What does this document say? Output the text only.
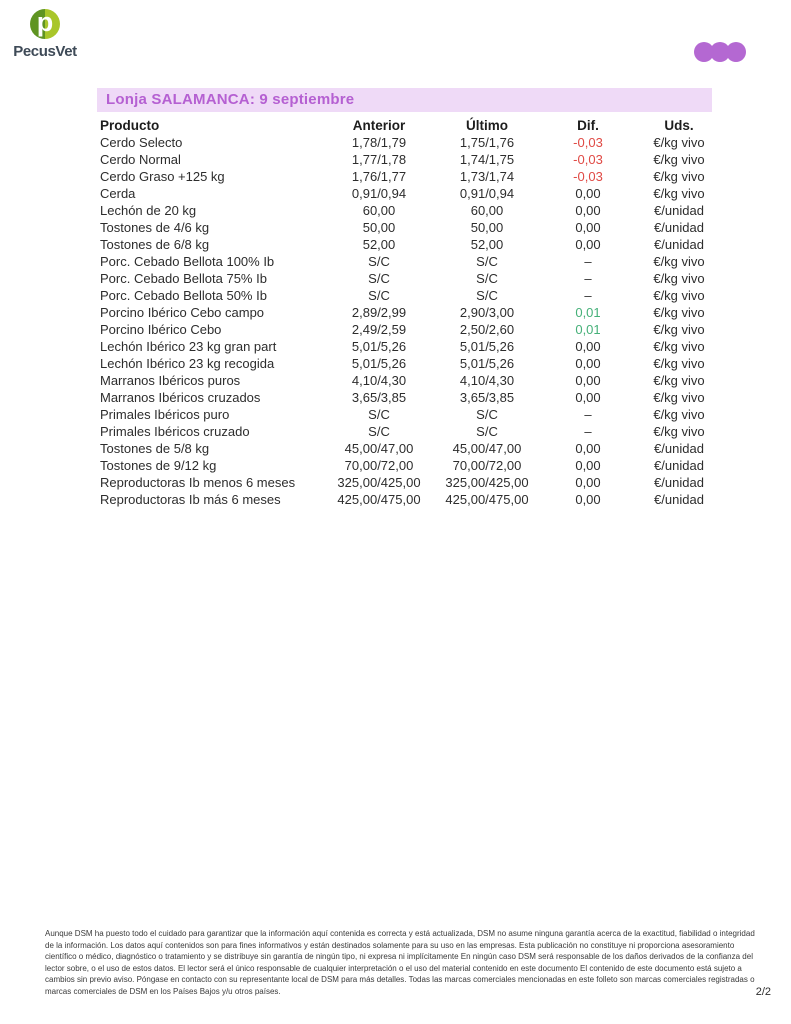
p
PecusVet
Lonja SALAMANCA: 9 septiembre
Producto	Anterior	Último	Dif.	Uds.
Cerdo Selecto	1,78/1,79	1,75/1,76	-0,03	€/kg vivo
Cerdo Normal	1,77/1,78	1,74/1,75	-0,03	€/kg vivo
Cerdo Graso +125 kg	1,76/1,77	1,73/1,74	-0,03	€/kg vivo
Cerda	0,91/0,94	0,91/0,94	0,00	€/kg vivo
Lechón de 20 kg	60,00	60,00	0,00	€/unidad
Tostones de 4/6 kg	50,00	50,00	0,00	€/unidad
Tostones de 6/8 kg	52,00	52,00	0,00	€/unidad
Porc. Cebado Bellota 100% Ib	S/C	S/C	–	€/kg vivo
Porc. Cebado Bellota 75% Ib	S/C	S/C	–	€/kg vivo
Porc. Cebado Bellota 50% Ib	S/C	S/C	–	€/kg vivo
Porcino Ibérico Cebo campo	2,89/2,99	2,90/3,00	0,01	€/kg vivo
Porcino Ibérico Cebo	2,49/2,59	2,50/2,60	0,01	€/kg vivo
Lechón Ibérico 23 kg gran part	5,01/5,26	5,01/5,26	0,00	€/kg vivo
Lechón Ibérico 23 kg recogida	5,01/5,26	5,01/5,26	0,00	€/kg vivo
Marranos Ibéricos puros	4,10/4,30	4,10/4,30	0,00	€/kg vivo
Marranos Ibéricos cruzados	3,65/3,85	3,65/3,85	0,00	€/kg vivo
Primales Ibéricos puro	S/C	S/C	–	€/kg vivo
Primales Ibéricos cruzado	S/C	S/C	–	€/kg vivo
Tostones de 5/8 kg	45,00/47,00	45,00/47,00	0,00	€/unidad
Tostones de 9/12 kg	70,00/72,00	70,00/72,00	0,00	€/unidad
Reproductoras Ib menos 6 meses	325,00/425,00	325,00/425,00	0,00	€/unidad
Reproductoras Ib más 6 meses	425,00/475,00	425,00/475,00	0,00	€/unidad

Aunque DSM ha puesto todo el cuidado para garantizar que la información aquí contenida es correcta y está actualizada, DSM no asume ninguna garantía acerca de la exactitud, fiabilidad o integridad de la información. Los datos aquí contenidos son para fines informativos y están destinados solamente para su uso en las empresas. Esta publicación no constituye ni proporciona asesoramiento científico o médico, diagnóstico o tratamiento y se distribuye sin garantía de ningún tipo, ni expresa ni implícitamente En ningún caso DSM será responsable de los daños derivados de la confianza del lector sobre, o el uso de estos datos. El lector será el único responsable de cualquier interpretación o el uso del material contenido en este documento El contenido de este documento está sujeto a cambios sin previo aviso. Póngase en contacto con su representante local de DSM para más detalles. Todas las marcas comerciales mencionadas en este folleto son marcas comerciales registradas o marcas comerciales de DSM en los Países Bajos y/u otros países.	2/2
